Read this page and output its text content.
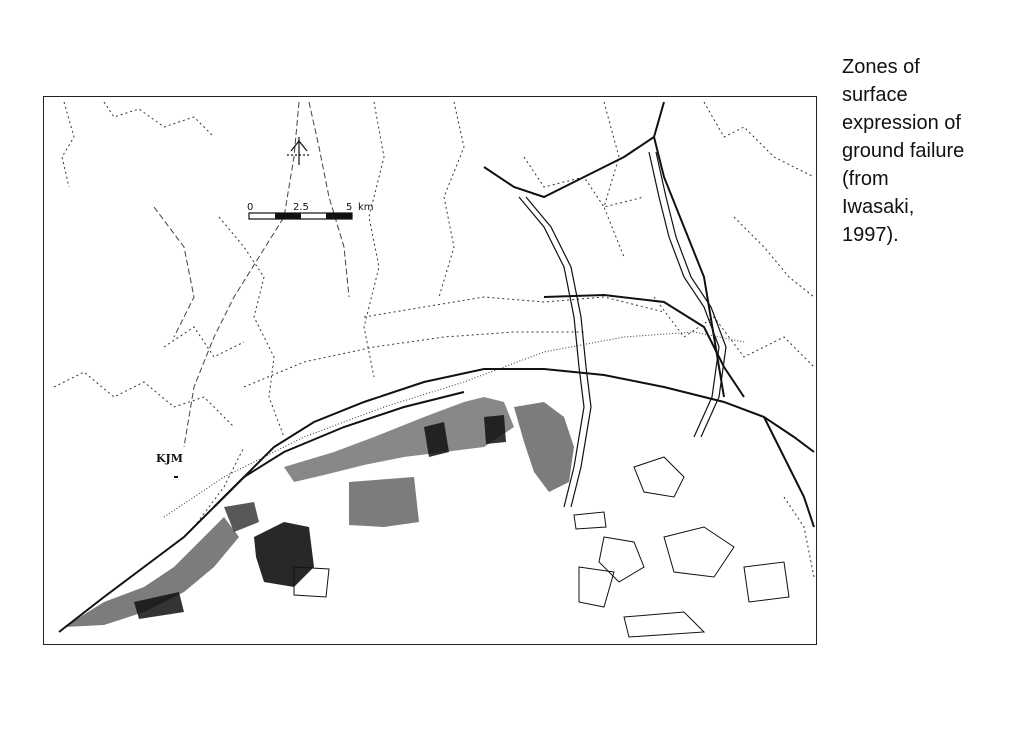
0	2.5	5 km
KJM
Zones of
surface
expression of
ground failure
(from
Iwasaki,
1997).
